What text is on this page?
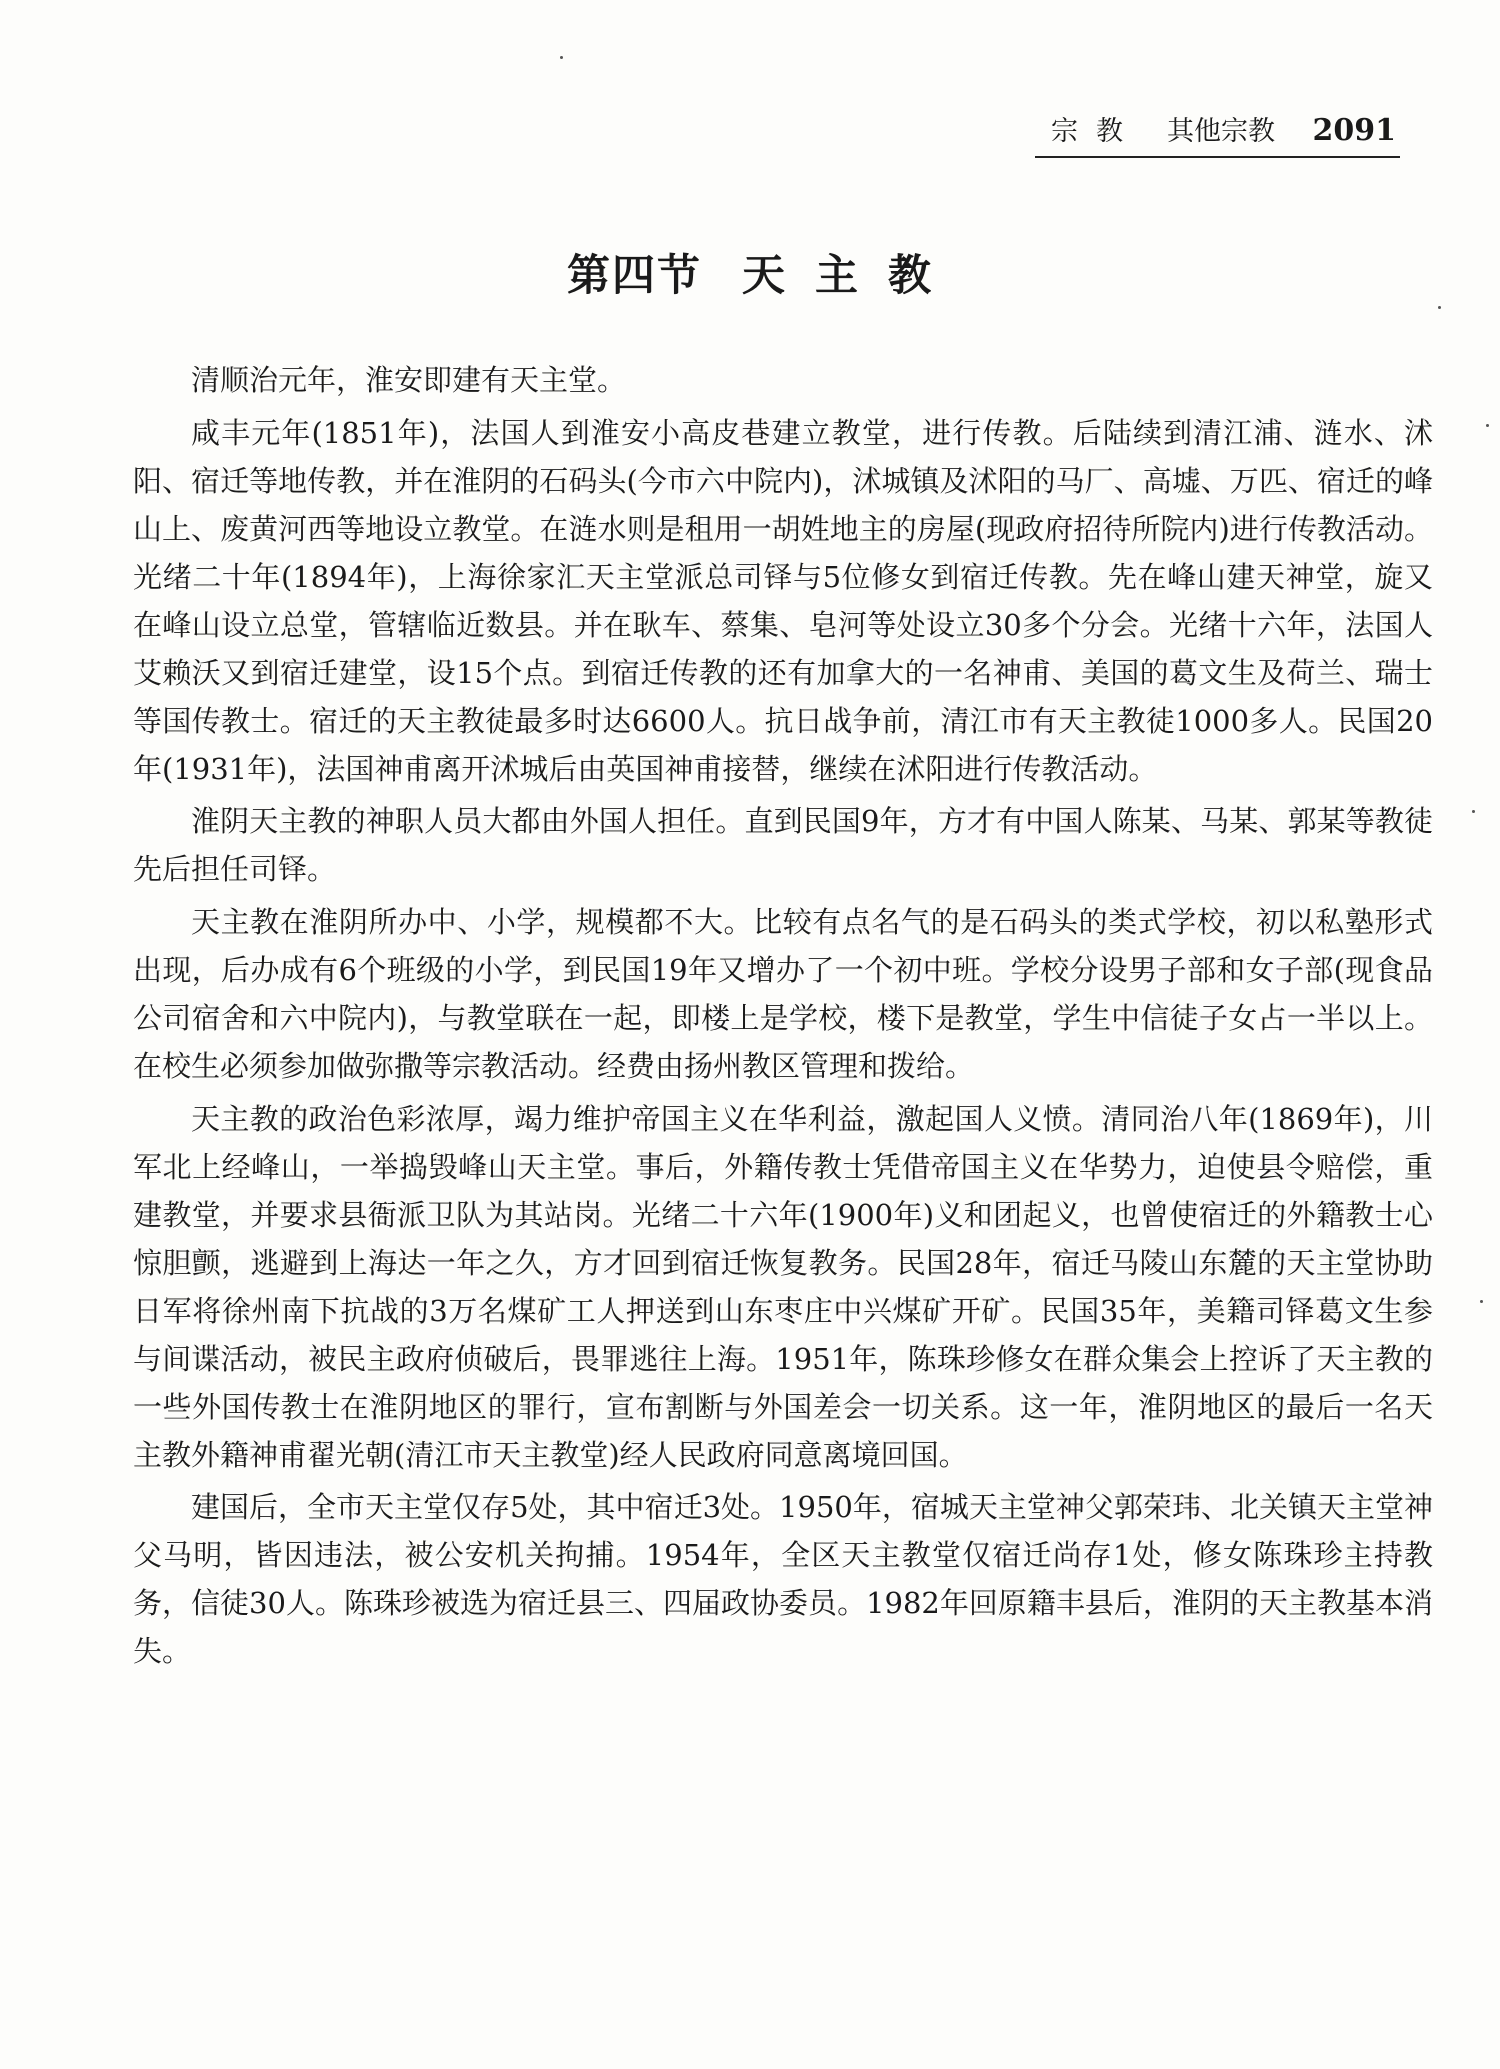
宗教 其他宗教 2091
第四节 天 主 教

清顺治元年，淮安即建有天主堂。

咸丰元年(1851年)，法国人到淮安小高皮巷建立教堂，进行传教。后陆续到清江浦、涟水、沭阳、宿迁等地传教，并在淮阴的石码头(今市六中院内)，沭城镇及沭阳的马厂、高墟、万匹、宿迁的峰山上、废黄河西等地设立教堂。在涟水则是租用一胡姓地主的房屋(现政府招待所院内)进行传教活动。光绪二十年(1894年)，上海徐家汇天主堂派总司铎与5位修女到宿迁传教。先在峰山建天神堂，旋又在峰山设立总堂，管辖临近数县。并在耿车、蔡集、皂河等处设立30多个分会。光绪十六年，法国人艾赖沃又到宿迁建堂，设15个点。到宿迁传教的还有加拿大的一名神甫、美国的葛文生及荷兰、瑞士等国传教士。宿迁的天主教徒最多时达6600人。抗日战争前，清江市有天主教徒1000多人。民国20年(1931年)，法国神甫离开沭城后由英国神甫接替，继续在沭阳进行传教活动。

淮阴天主教的神职人员大都由外国人担任。直到民国9年，方才有中国人陈某、马某、郭某等教徒先后担任司铎。

天主教在淮阴所办中、小学，规模都不大。比较有点名气的是石码头的类式学校，初以私塾形式出现，后办成有6个班级的小学，到民国19年又增办了一个初中班。学校分设男子部和女子部(现食品公司宿舍和六中院内)，与教堂联在一起，即楼上是学校，楼下是教堂，学生中信徒子女占一半以上。在校生必须参加做弥撒等宗教活动。经费由扬州教区管理和拨给。

天主教的政治色彩浓厚，竭力维护帝国主义在华利益，激起国人义愤。清同治八年(1869年)，川军北上经峰山，一举捣毁峰山天主堂。事后，外籍传教士凭借帝国主义在华势力，迫使县令赔偿，重建教堂，并要求县衙派卫队为其站岗。光绪二十六年(1900年)义和团起义，也曾使宿迁的外籍教士心惊胆颤，逃避到上海达一年之久，方才回到宿迁恢复教务。民国28年，宿迁马陵山东麓的天主堂协助日军将徐州南下抗战的3万名煤矿工人押送到山东枣庄中兴煤矿开矿。民国35年，美籍司铎葛文生参与间谍活动，被民主政府侦破后，畏罪逃往上海。1951年，陈珠珍修女在群众集会上控诉了天主教的一些外国传教士在淮阴地区的罪行，宣布割断与外国差会一切关系。这一年，淮阴地区的最后一名天主教外籍神甫翟光朝(清江市天主教堂)经人民政府同意离境回国。

建国后，全市天主堂仅存5处，其中宿迁3处。1950年，宿城天主堂神父郭荣玮、北关镇天主堂神父马明，皆因违法，被公安机关拘捕。1954年，全区天主教堂仅宿迁尚存1处，修女陈珠珍主持教务，信徒30人。陈珠珍被选为宿迁县三、四届政协委员。1982年回原籍丰县后，淮阴的天主教基本消失。
